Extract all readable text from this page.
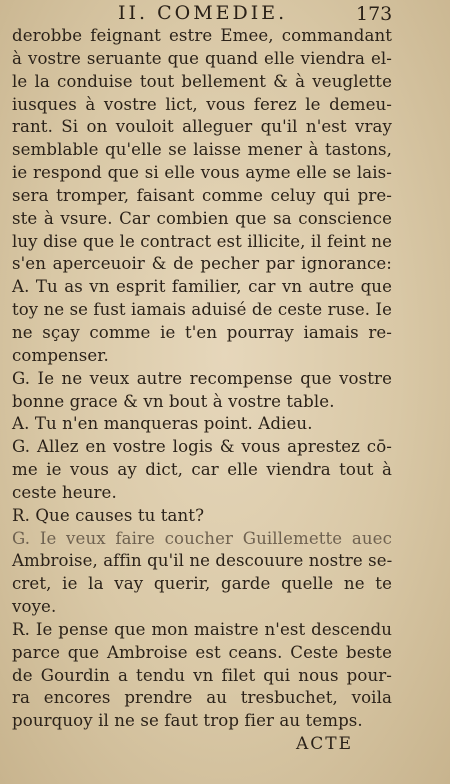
II. COMEDIE.	173
derobbe feignant estre Emee, commandant
à vostre seruante que quand elle viendra el-
le la conduise tout bellement & à veuglette
iusques à vostre lict, vous ferez le demeu-
rant. Si on vouloit alleguer qu'il n'est vray
semblable qu'elle se laisse mener à tastons,
ie respond que si elle vous ayme elle se lais-
sera tromper, faisant comme celuy qui pre-
ste à vsure. Car combien que sa conscience
luy dise que le contract est illicite, il feint ne
s'en aperceuoir & de pecher par ignorance:
A. Tu as vn esprit familier, car vn autre que
toy ne se fust iamais aduisé de ceste ruse. Ie
ne sçay comme ie t'en pourray iamais re-
compenser.
G. Ie ne veux autre recompense que vostre
bonne grace & vn bout à vostre table.
A. Tu n'en manqueras point. Adieu.
G. Allez en vostre logis & vous aprestez cō-
me ie vous ay dict, car elle viendra tout à
ceste heure.
R. Que causes tu tant?
G. Ie veux faire coucher Guillemette auec
Ambroise, affin qu'il ne descouure nostre se-
cret, ie la vay querir, garde quelle ne te
voye.
R. Ie pense que mon maistre n'est descendu
parce que Ambroise est ceans. Ceste beste
de Gourdin a tendu vn filet qui nous pour-
ra encores prendre au tresbuchet, voila
pourquoy il ne se faut trop fier au temps.
ACTE
